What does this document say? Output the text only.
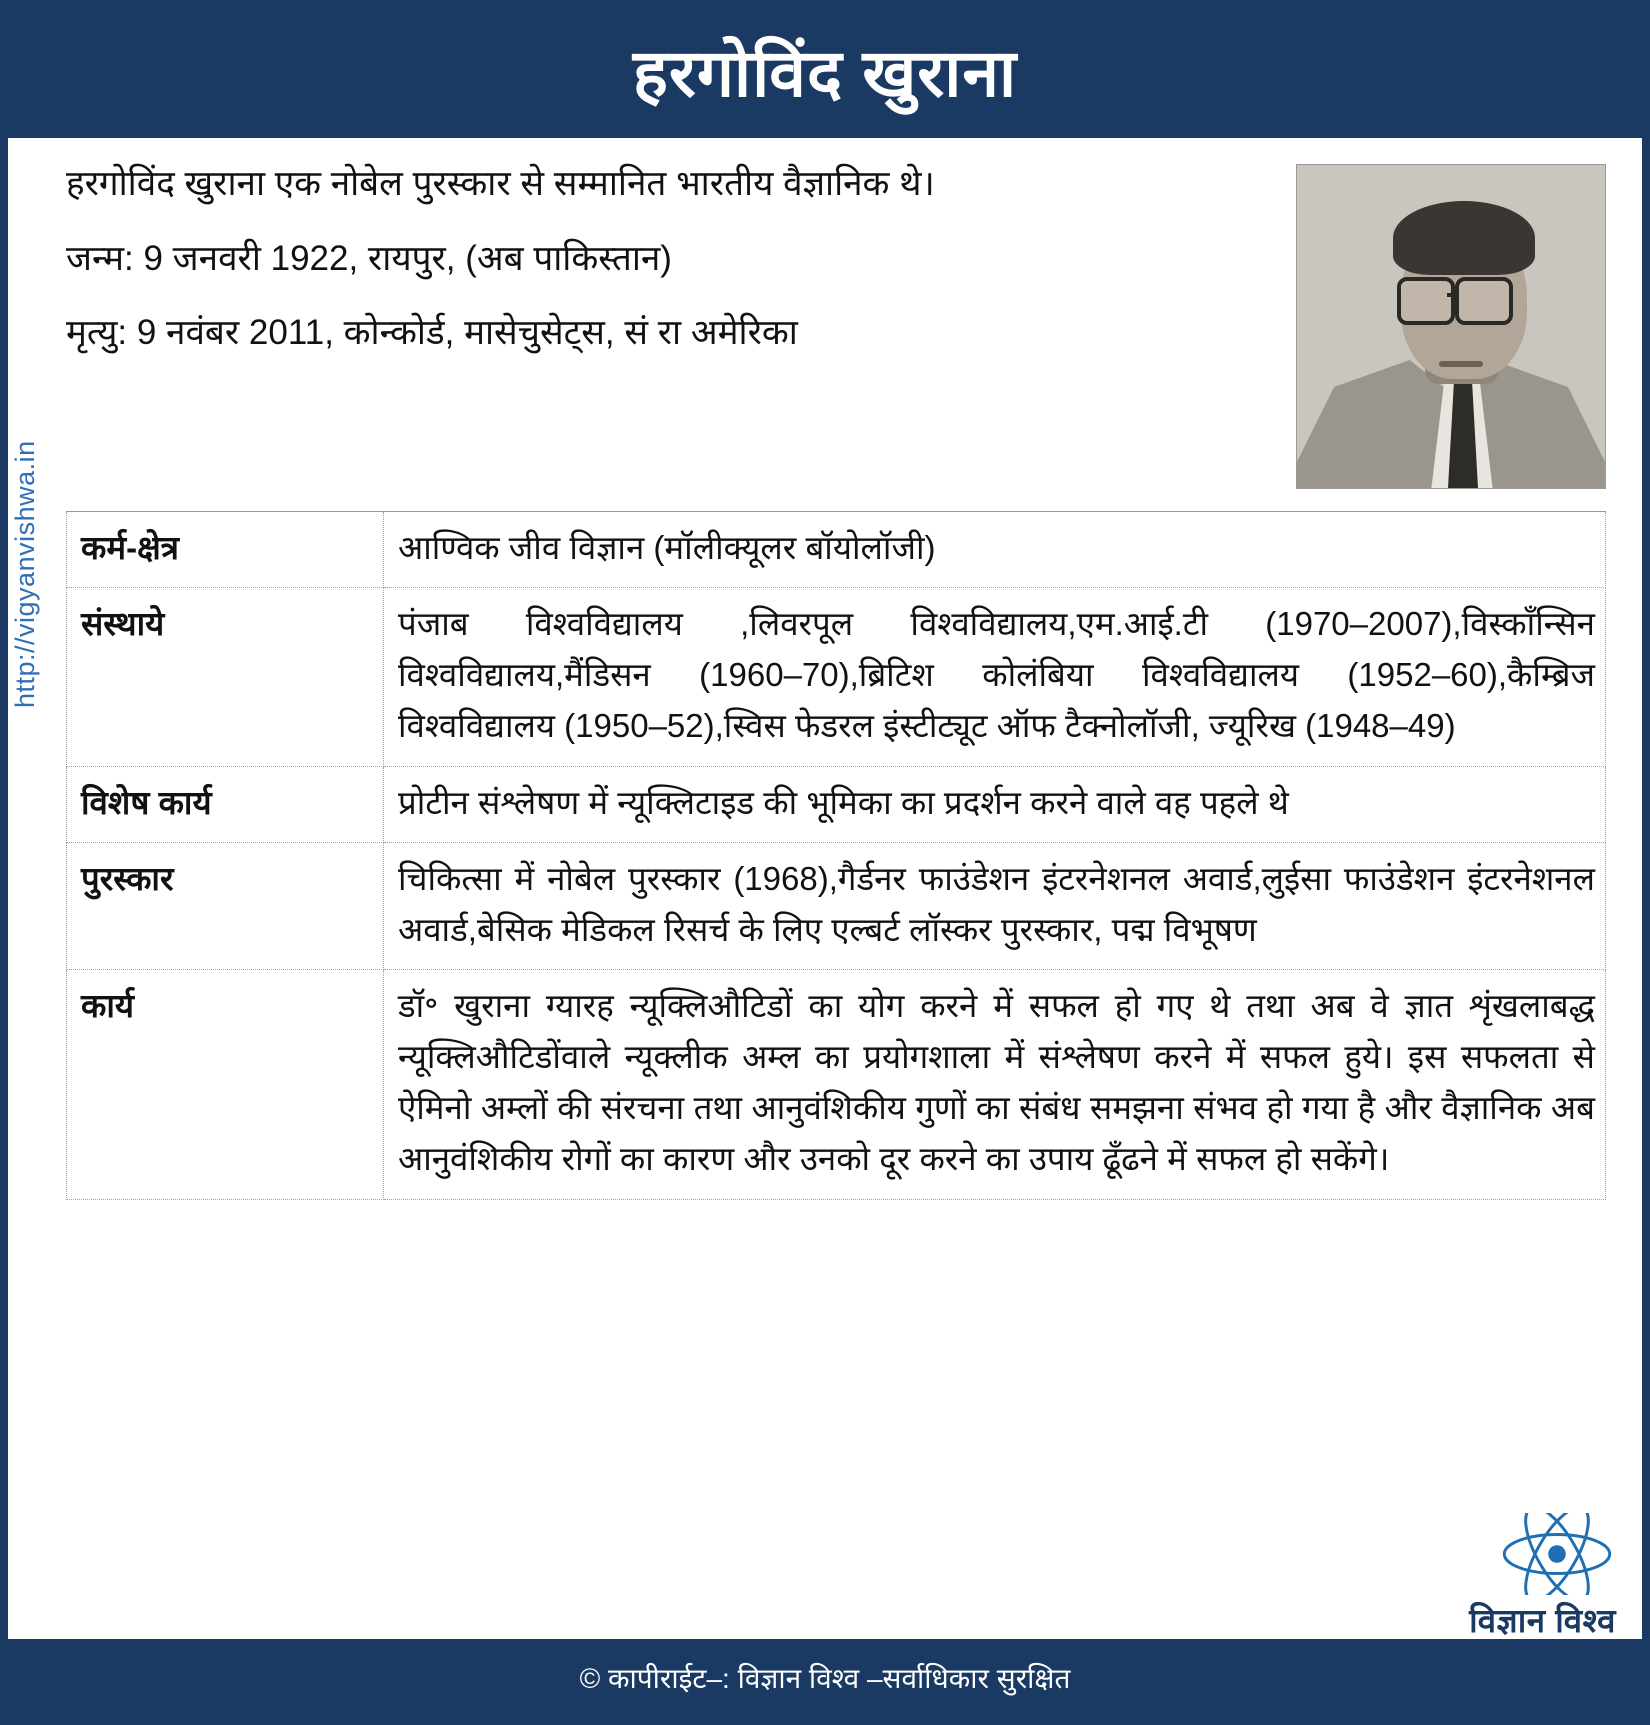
हरगोविंद खुराना
http://vigyanvishwa.in

हरगोविंद खुराना एक नोबेल पुरस्कार से सम्मानित भारतीय वैज्ञानिक थे।

जन्म: 9 जनवरी 1922, रायपुर, (अब पाकिस्तान)

मृत्यु: 9 नवंबर 2011, कोन्कोर्ड, मासेचुसेट्स, सं रा अमेरिका

कर्म-क्षेत्र	आण्विक जीव विज्ञान (मॉलीक्यूलर बॉयोलॉजी)
संस्थाये	पंजाब विश्वविद्यालय ,लिवरपूल विश्वविद्यालय,एम.आई.टी (1970–2007),विस्कॉंन्सिन विश्वविद्यालय,मैंडिसन (1960–70),ब्रिटिश कोलंबिया विश्वविद्यालय (1952–60),कैम्ब्रिज विश्वविद्यालय (1950–52),स्विस फेडरल इंस्टीट्यूट ऑफ टैक्नोलॉजी, ज्यूरिख (1948–49)
विशेष कार्य	प्रोटीन संश्लेषण में न्यूक्लिटाइड की भूमिका का प्रदर्शन करने वाले वह पहले थे
पुरस्कार	चिकित्सा में नोबेल पुरस्कार (1968),गैर्डनर फाउंडेशन इंटरनेशनल अवार्ड,लुईसा फाउंडेशन इंटरनेशनल अवार्ड,बेसिक मेडिकल रिसर्च के लिए एल्बर्ट लॉस्कर पुरस्कार, पद्म विभूषण
कार्य	डॉ॰ खुराना ग्यारह न्यूक्लिऔटिडों का योग करने में सफल हो गए थे तथा अब वे ज्ञात शृंखलाबद्ध न्यूक्लिऔटिडोंवाले न्यूक्लीक अम्ल का प्रयोगशाला में संश्लेषण करने में सफल हुये। इस सफलता से ऐमिनो अम्लों की संरचना तथा आनुवंशिकीय गुणों का संबंध समझना संभव हो गया है और वैज्ञानिक अब आनुवंशिकीय रोगों का कारण और उनको दूर करने का उपाय ढूँढने में सफल हो सकेंगे।
विज्ञान विश्व
© कापीराईट–: विज्ञान विश्व –सर्वाधिकार सुरक्षित
